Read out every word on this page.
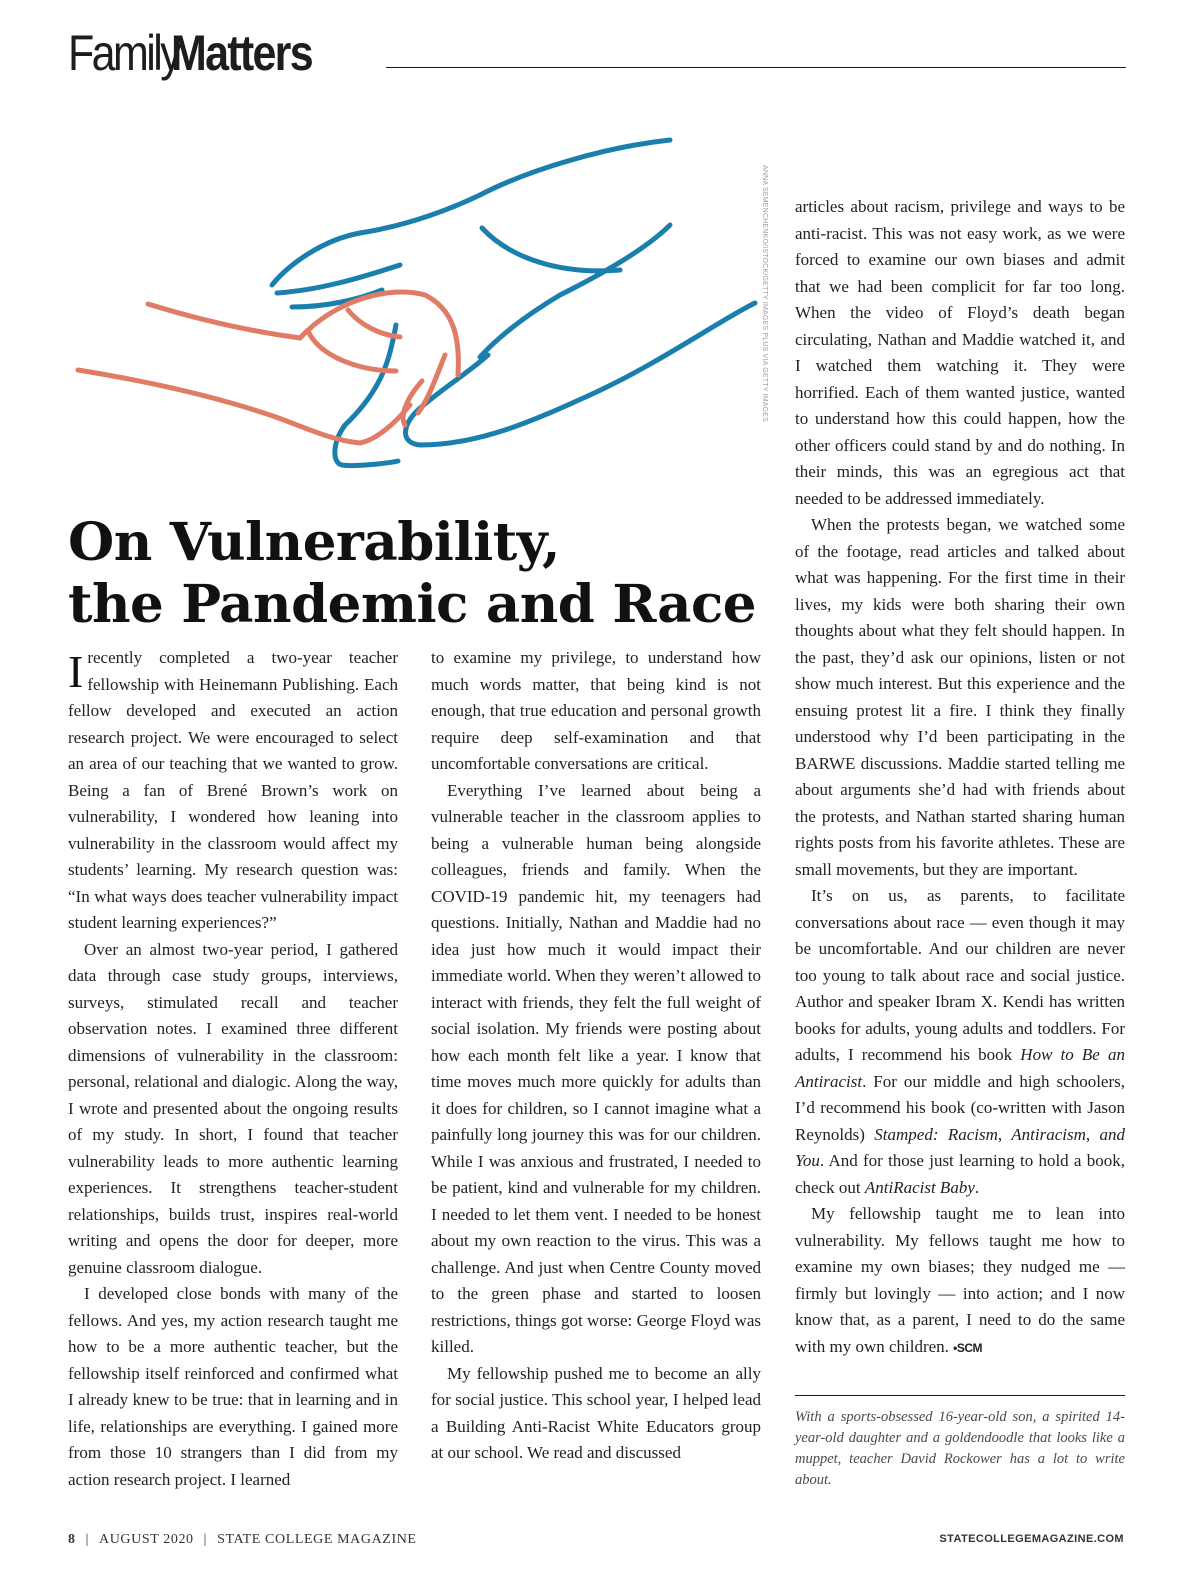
Family
Matters
ANNA SEMENCHENKO/ISTOCK/GETTY IMAGES PLUS VIA GETTY IMAGES
On Vulnerability,
the Pandemic and Race

Irecently completed a two-year teacher fellowship with Heinemann Publishing. Each fellow developed and executed an action research project. We were encouraged to select an area of our teaching that we wanted to grow. Being a fan of Brené Brown’s work on vulnerability, I wondered how leaning into vulnerability in the classroom would affect my students’ learning. My research question was: “In what ways does teacher vulnerability impact student learning experiences?”

Over an almost two-year period, I gathered data through case study groups, interviews, surveys, stimulated recall and teacher observation notes. I examined three different dimensions of vulnerability in the classroom: personal, relational and dialogic. Along the way, I wrote and presented about the ongoing results of my study. In short, I found that teacher vulnerability leads to more authentic learning experiences. It strengthens teacher-student relationships, builds trust, inspires real-world writing and opens the door for deeper, more genuine classroom dialogue.

I developed close bonds with many of the fellows. And yes, my action research taught me how to be a more authentic teacher, but the fellowship itself reinforced and confirmed what I already knew to be true: that in learning and in life, relationships are everything. I gained more from those 10 strangers than I did from my action research project. I learned

to examine my privilege, to understand how much words matter, that being kind is not enough, that true education and personal growth require deep self-examination and that uncomfortable conversations are critical.

Everything I’ve learned about being a vulnerable teacher in the classroom applies to being a vulnerable human being alongside colleagues, friends and family. When the COVID-19 pandemic hit, my teenagers had questions. Initially, Nathan and Maddie had no idea just how much it would impact their immediate world. When they weren’t allowed to interact with friends, they felt the full weight of social isolation. My friends were posting about how each month felt like a year. I know that time moves much more quickly for adults than it does for children, so I cannot imagine what a painfully long journey this was for our children. While I was anxious and frustrated, I needed to be patient, kind and vulnerable for my children. I needed to let them vent. I needed to be honest about my own reaction to the virus. This was a challenge. And just when Centre County moved to the green phase and started to loosen restrictions, things got worse: George Floyd was killed.

My fellowship pushed me to become an ally for social justice. This school year, I helped lead a Building Anti-Racist White Educators group at our school. We read and discussed

articles about racism, privilege and ways to be anti-racist. This was not easy work, as we were forced to examine our own biases and admit that we had been complicit for far too long. When the video of Floyd’s death began circulating, Nathan and Maddie watched it, and I watched them watching it. They were horrified. Each of them wanted justice, wanted to understand how this could happen, how the other officers could stand by and do nothing. In their minds, this was an egregious act that needed to be addressed immediately.

When the protests began, we watched some of the footage, read articles and talked about what was happening. For the first time in their lives, my kids were both sharing their own thoughts about what they felt should happen. In the past, they’d ask our opinions, listen or not show much interest. But this experience and the ensuing protest lit a fire. I think they finally understood why I’d been participating in the BARWE discussions. Maddie started telling me about arguments she’d had with friends about the protests, and Nathan started sharing human rights posts from his favorite athletes. These are small movements, but they are important.

It’s on us, as parents, to facilitate conversations about race — even though it may be uncomfortable. And our children are never too young to talk about race and social justice. Author and speaker Ibram X. Kendi has written books for adults, young adults and toddlers. For adults, I recommend his book How to Be an Antiracist. For our middle and high schoolers, I’d recommend his book (co-written with Jason Reynolds) Stamped: Racism, Antiracism, and You. And for those just learning to hold a book, check out AntiRacist Baby.

My fellowship taught me to lean into vulnerability. My fellows taught me how to examine my own biases; they nudged me — firmly but lovingly — into action; and I now know that, as a parent, I need to do the same with my own children. •SCM

With a sports-obsessed 16-year-old son, a spirited 14-year-old daughter and a goldendoodle that looks like a muppet, teacher David Rockower has a lot to write about.

8 | AUGUST 2020 | STATE COLLEGE MAGAZINE	STATECOLLEGEMAGAZINE.COM
